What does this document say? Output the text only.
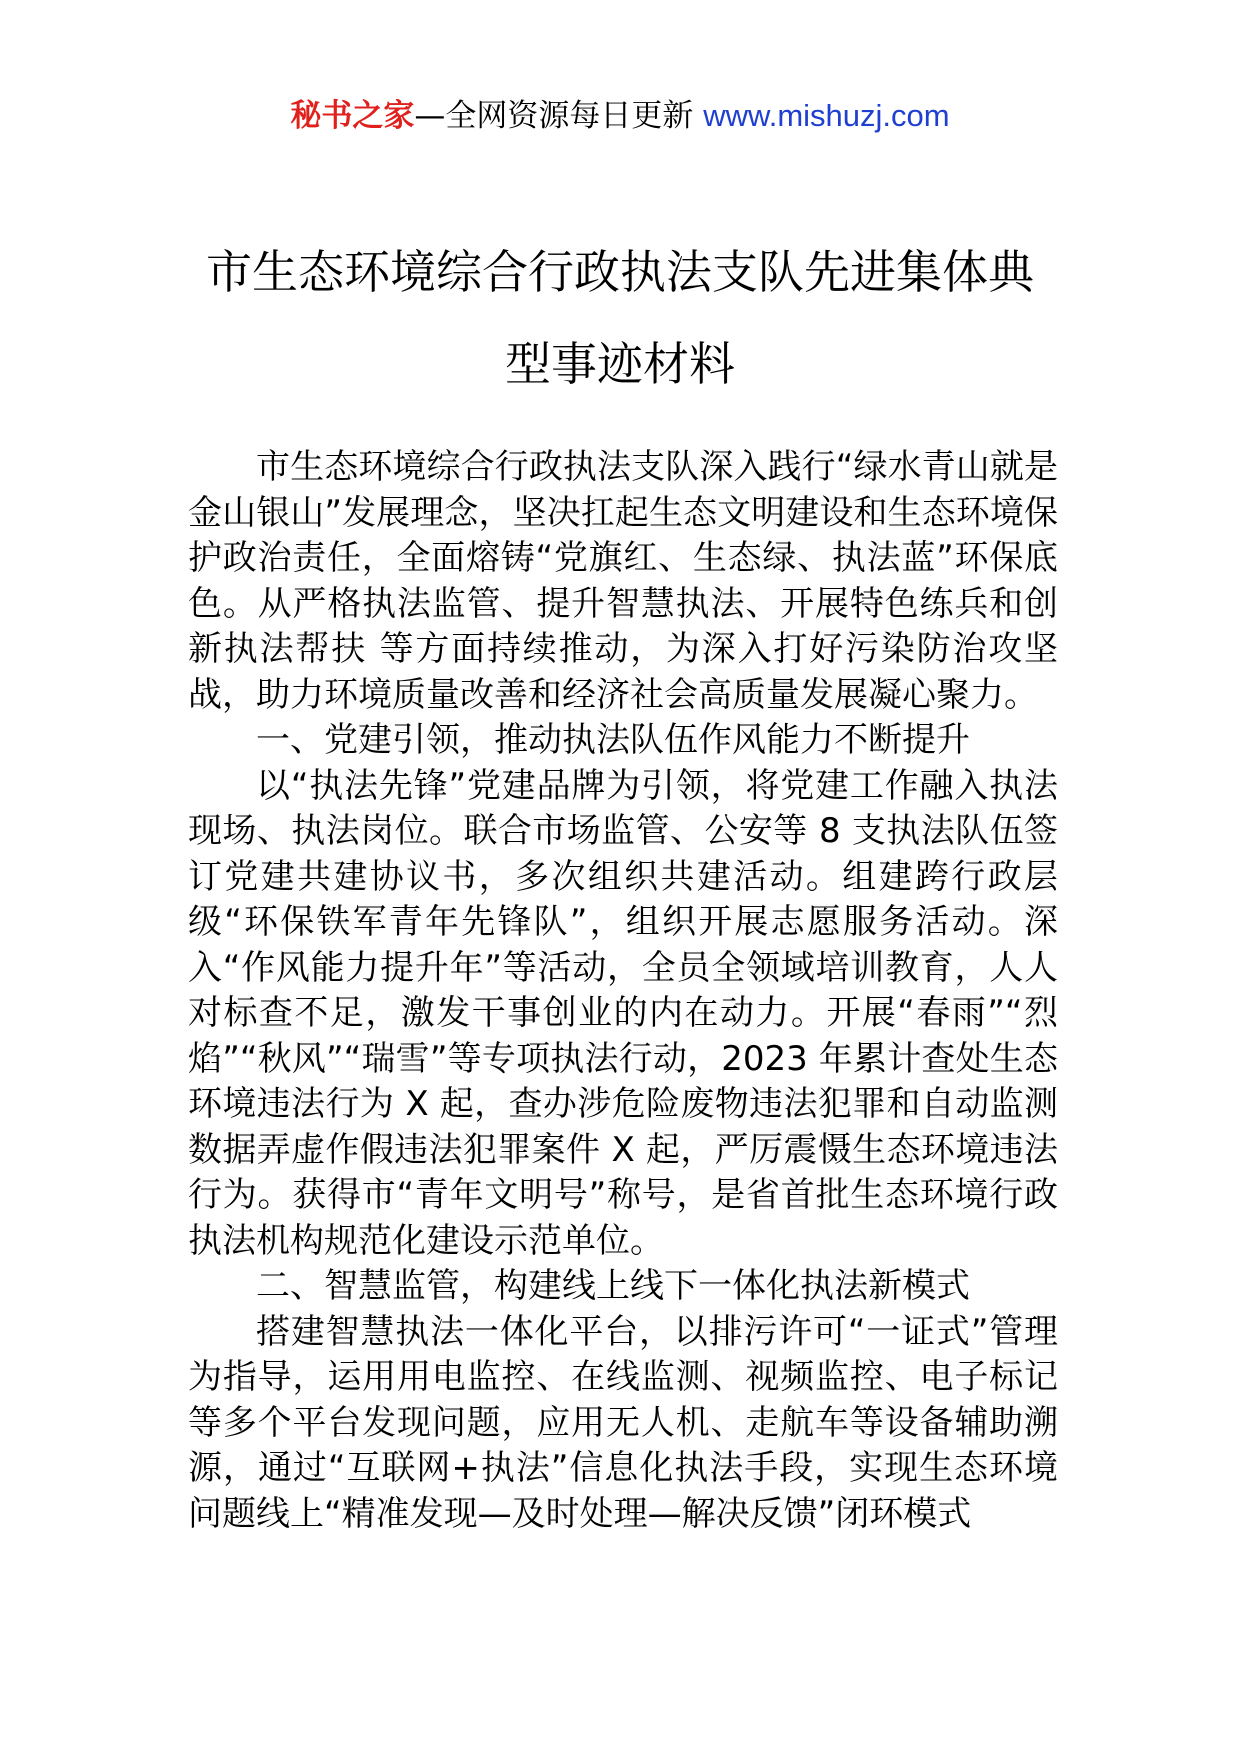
秘书之家—全网资源每日更新 www.mishuzj.com
市生态环境综合行政执法支队先进集体典
型事迹材料

市生态环境综合行政执法支队深入践行“绿水青山就是金山银山”发展理念，坚决扛起生态文明建设和生态环境保护政治责任，全面熔铸“党旗红、生态绿、执法蓝”环保底色。从严格执法监管、提升智慧执法、开展特色练兵和创新执法帮扶 等方面持续推动，为深入打好污染防治攻坚战，助力环境质量改善和经济社会高质量发展凝心聚力。

一、党建引领，推动执法队伍作风能力不断提升

以“执法先锋”党建品牌为引领，将党建工作融入执法现场、执法岗位。联合市场监管、公安等 8 支执法队伍签订党建共建协议书，多次组织共建活动。组建跨行政层级“环保铁军青年先锋队”，组织开展志愿服务活动。深入“作风能力提升年”等活动，全员全领域培训教育，人人对标查不足，激发干事创业的内在动力。开展“春雨”“烈焰”“秋风”“瑞雪”等专项执法行动，2023 年累计查处生态环境违法行为 X 起，查办涉危险废物违法犯罪和自动监测数据弄虚作假违法犯罪案件 X 起，严厉震慑生态环境违法行为。获得市“青年文明号”称号，是省首批生态环境行政执法机构规范化建设示范单位。

二、智慧监管，构建线上线下一体化执法新模式

搭建智慧执法一体化平台，以排污许可“一证式”管理为指导，运用用电监控、在线监测、视频监控、电子标记等多个平台发现问题，应用无人机、走航车等设备辅助溯源，通过“互联网+执法”信息化执法手段，实现生态环境问题线上“精准发现—及时处理—解决反馈”闭环模式
